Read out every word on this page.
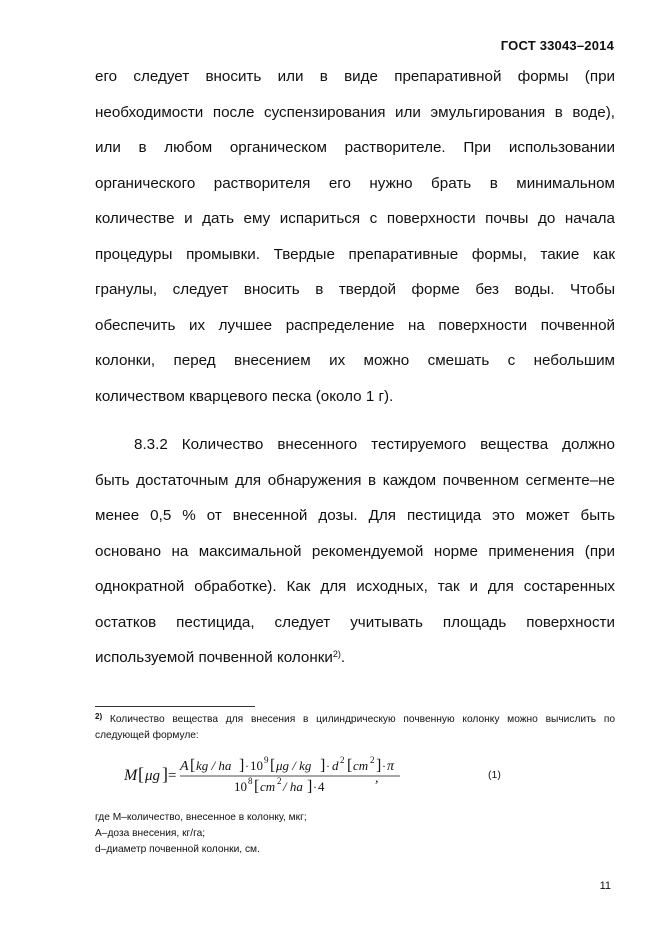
ГОСТ 33043–2014
его следует вносить или в виде препаративной формы (при
необходимости после суспензирования или эмульгирования в воде),
или в любом органическом растворителе. При использовании
органического растворителя его нужно брать в минимальном
количестве и дать ему испариться с поверхности почвы до начала
процедуры промывки. Твердые препаративные формы, такие как
гранулы, следует вносить в твердой форме без воды. Чтобы
обеспечить их лучшее распределение на поверхности почвенной
колонки, перед внесением их можно смешать с небольшим
количеством кварцевого песка (около 1 г).
8.3.2 Количество внесенного тестируемого вещества должно
быть достаточным для обнаружения в каждом почвенном сегменте–не
менее 0,5 % от внесенной дозы. Для пестицида это может быть
основано на максимальной рекомендуемой норме применения (при
однократной обработке). Как для исходных, так и для состаренных
остатков пестицида, следует учитывать площадь поверхности
используемой почвенной колонки$^{2)}$.
$^{2)}$ Количество вещества для внесения в цилиндрическую почвенную колонку можно вычислить по
следующей формуле:
M [ μg ] =
A [ kg / ha ] · 10 9 [ μg / kg ] · d 2 [ cm 2 ] · π
10 8 [ cm 2 / ha ] · 4
,	(1)
где M–количество, внесенное в колонку, мкг;
A–доза внесения, кг/га;
d–диаметр почвенной колонки, см.
11
